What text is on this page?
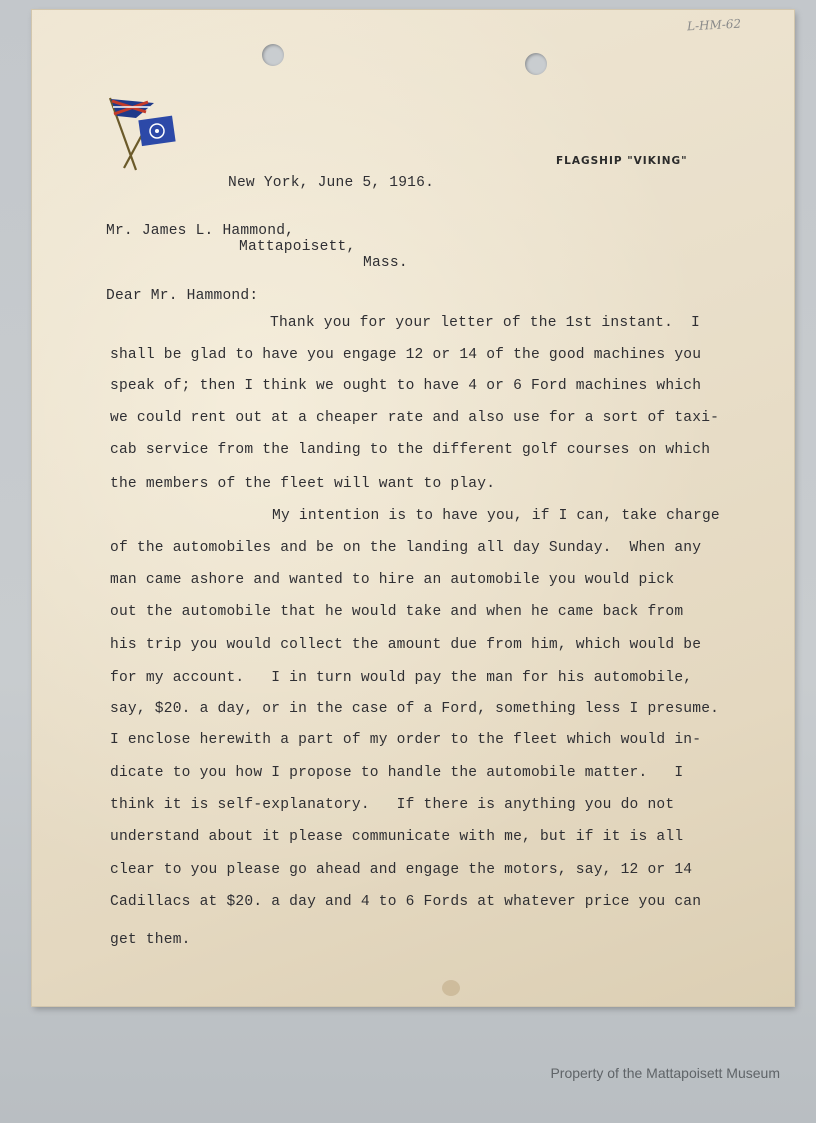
L-HM-62
FLAGSHIP "VIKING"
New York, June 5, 1916.
Mr. James L. Hammond,
Mattapoisett,
Mass.
Dear Mr. Hammond:
Thank you for your letter of the 1st instant.  I
shall be glad to have you engage 12 or 14 of the good machines you
speak of; then I think we ought to have 4 or 6 Ford machines which
we could rent out at a cheaper rate and also use for a sort of taxi-
cab service from the landing to the different golf courses on which
the members of the fleet will want to play.
My intention is to have you, if I can, take charge
of the automobiles and be on the landing all day Sunday.  When any
man came ashore and wanted to hire an automobile you would pick
out the automobile that he would take and when he came back from
his trip you would collect the amount due from him, which would be
for my account.   I in turn would pay the man for his automobile,
say, $20. a day, or in the case of a Ford, something less I presume.
I enclose herewith a part of my order to the fleet which would in-
dicate to you how I propose to handle the automobile matter.   I
think it is self-explanatory.   If there is anything you do not
understand about it please communicate with me, but if it is all
clear to you please go ahead and engage the motors, say, 12 or 14
Cadillacs at $20. a day and 4 to 6 Fords at whatever price you can
get them.
Property of the Mattapoisett Museum
